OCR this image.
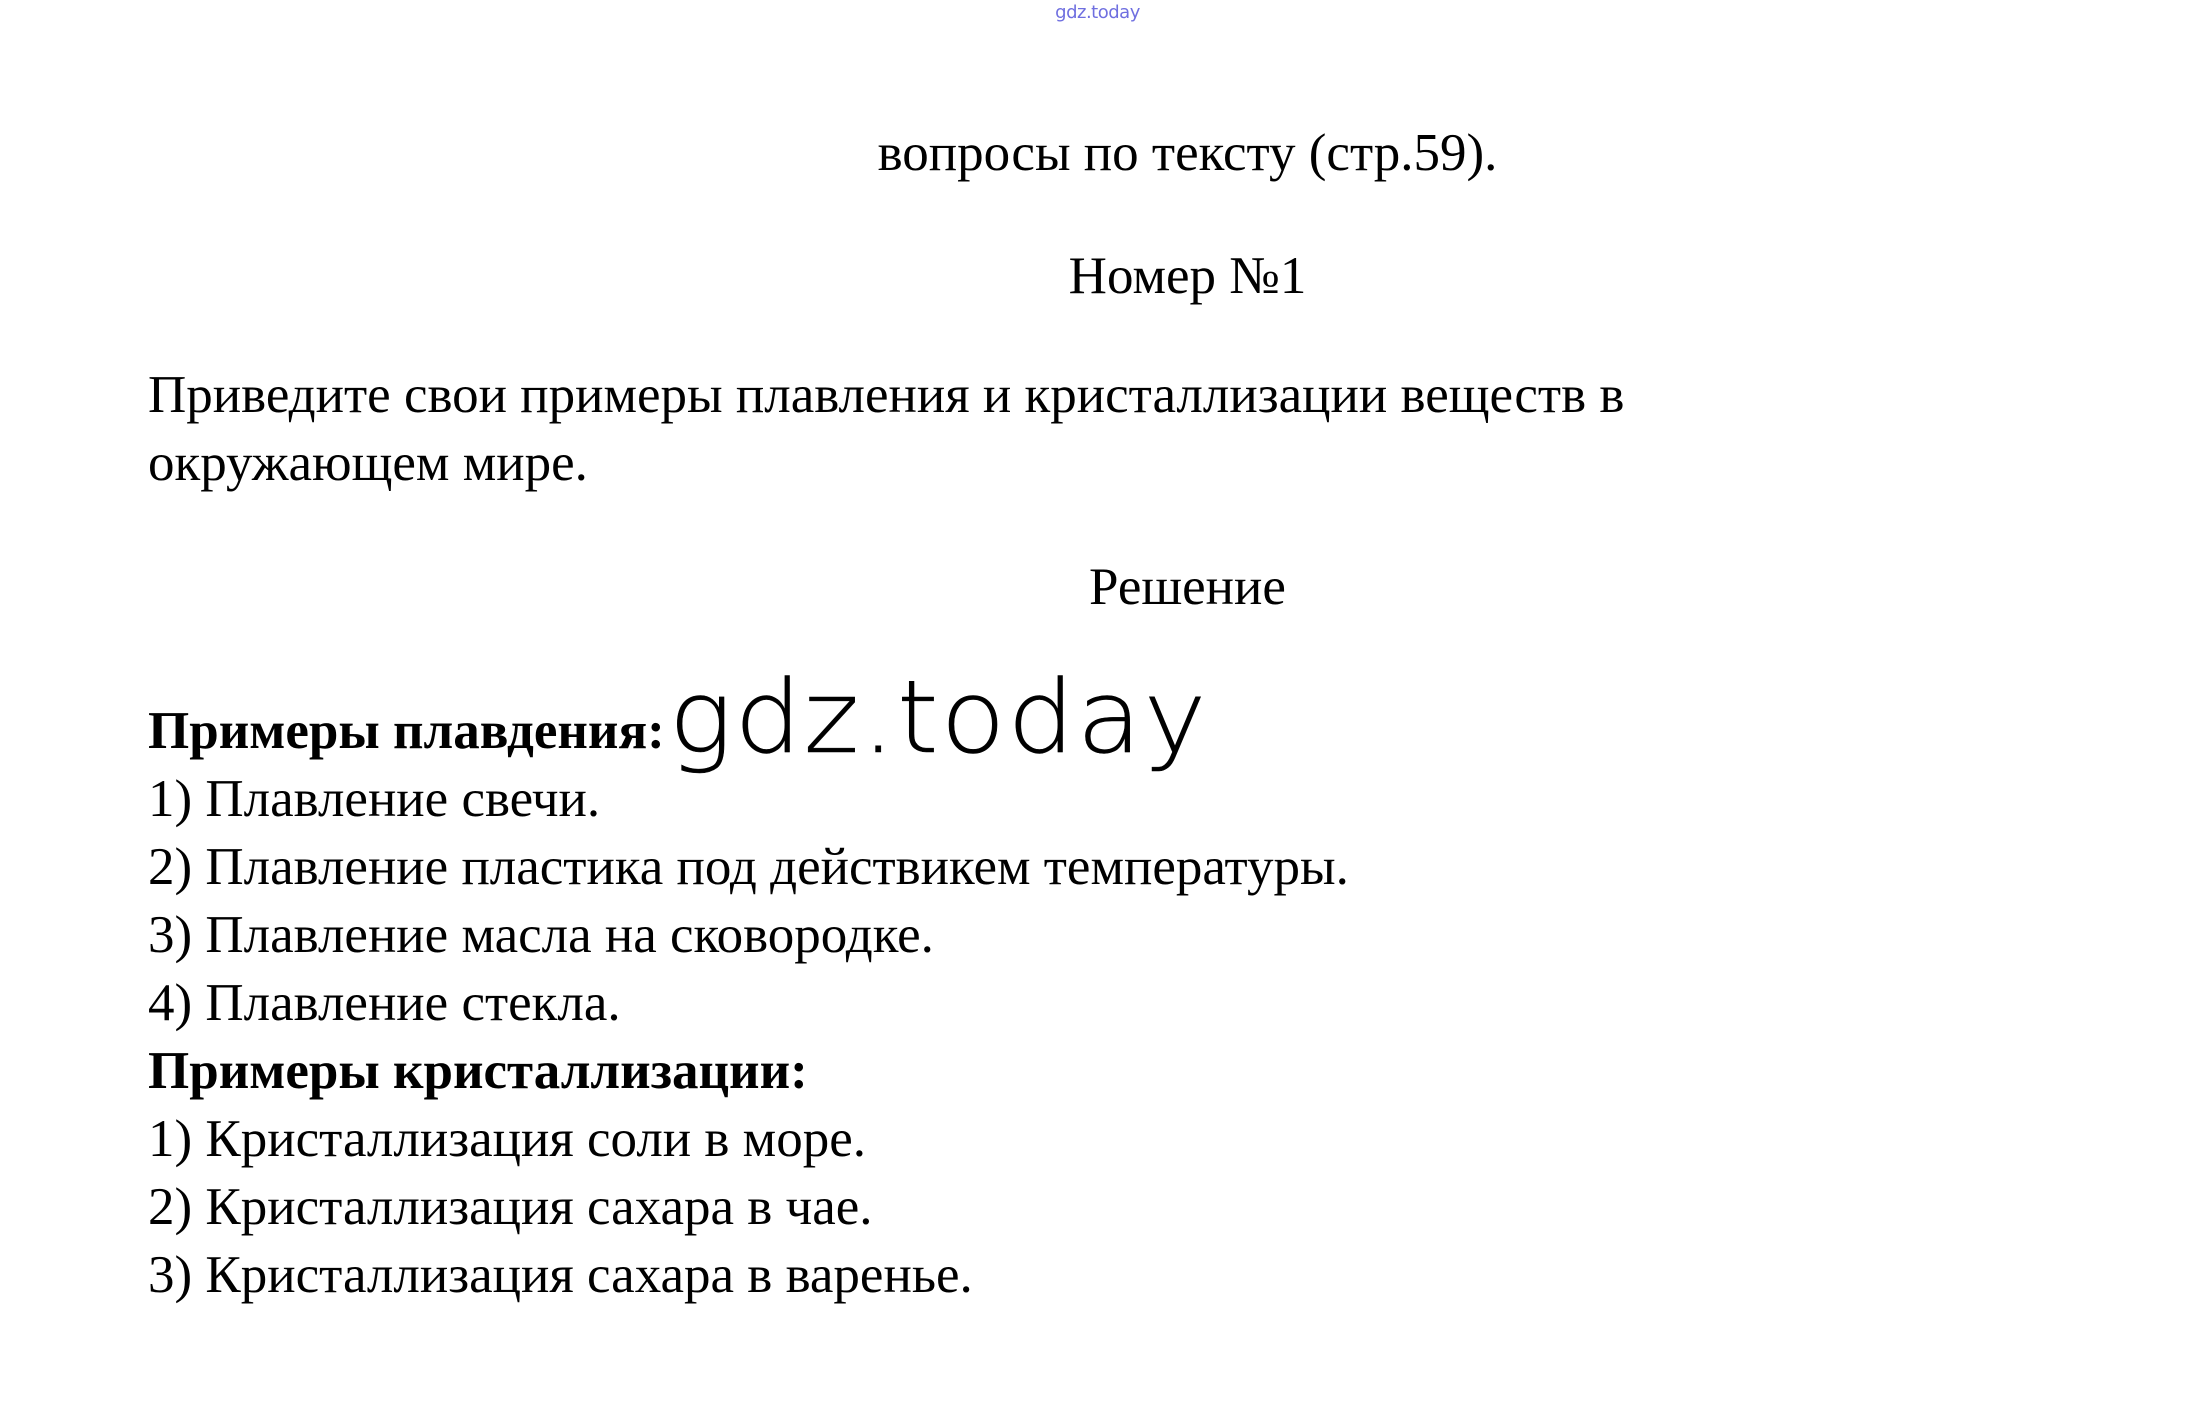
gdz.today
вопросы по тексту (стр.59).
Номер №1
Приведите свои примеры плавления и кристаллизации веществ в
окружающем мире.
Решение
Примеры плавдения:gdz.today
1) Плавление свечи.
2) Плавление пластика под действикем температуры.
3) Плавление масла на сковородке.
4) Плавление стекла.
Примеры кристаллизации:
1) Кристаллизация соли в море.
2) Кристаллизация сахара в чае.
3) Кристаллизация сахара в варенье.
